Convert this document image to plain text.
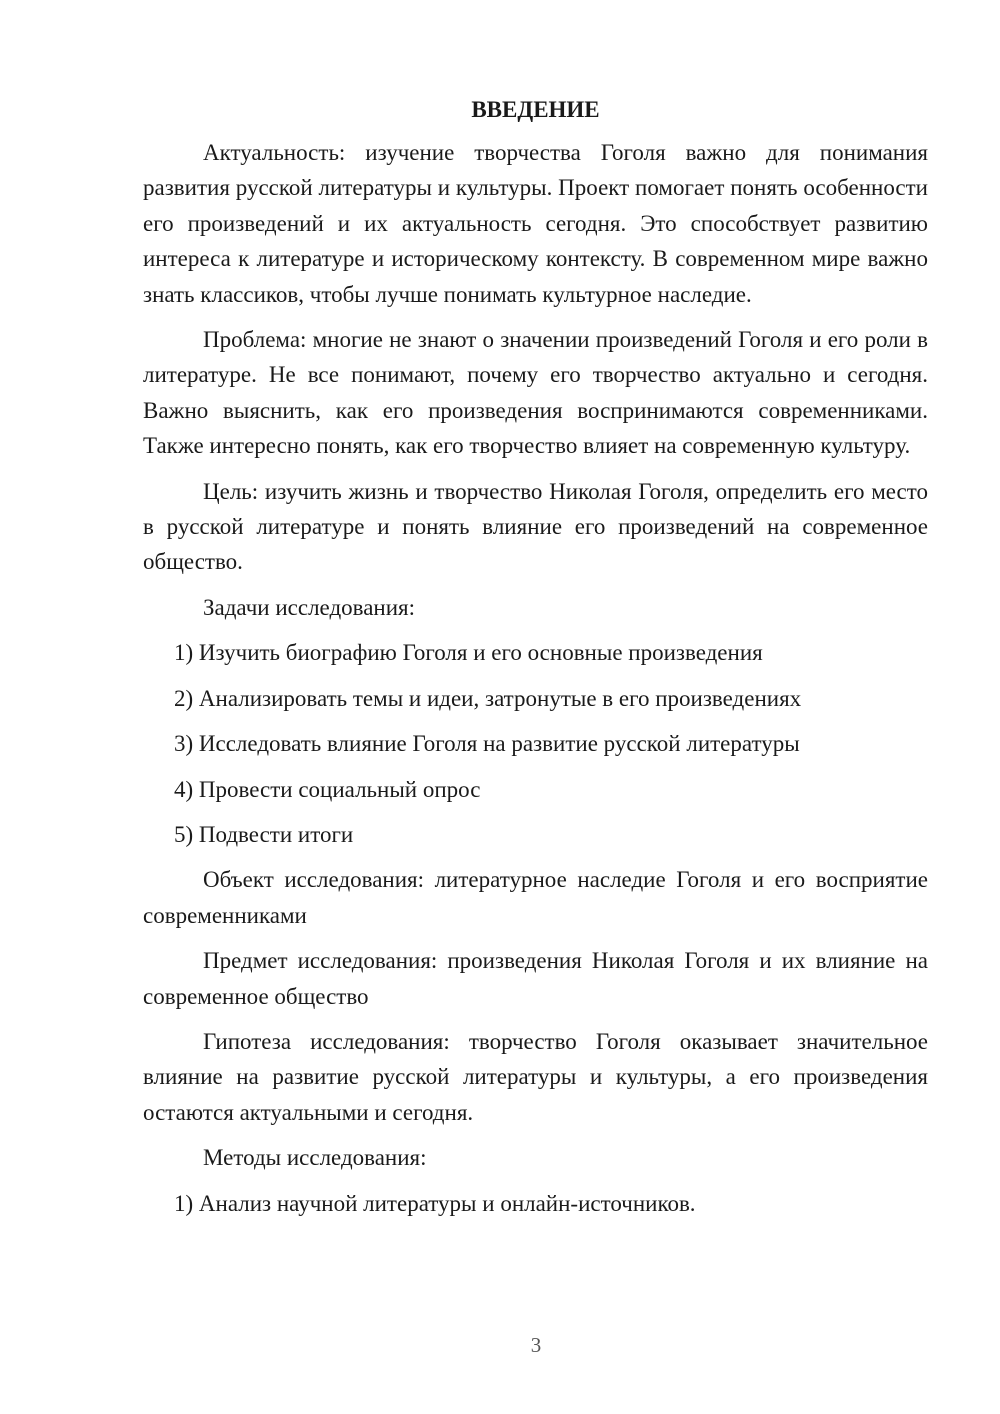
ВВЕДЕНИЕ
Актуальность: изучение творчества Гоголя важно для понимания развития русской литературы и культуры. Проект помогает понять особенности его произведений и их актуальность сегодня. Это способствует развитию интереса к литературе и историческому контексту. В современном мире важно знать классиков, чтобы лучше понимать культурное наследие.
Проблема: многие не знают о значении произведений Гоголя и его роли в литературе. Не все понимают, почему его творчество актуально и сегодня. Важно выяснить, как его произведения воспринимаются современниками. Также интересно понять, как его творчество влияет на современную культуру.
Цель: изучить жизнь и творчество Николая Гоголя, определить его место в русской литературе и понять влияние его произведений на современное общество.
Задачи исследования:
1) Изучить биографию Гоголя и его основные произведения
2) Анализировать темы и идеи, затронутые в его произведениях
3) Исследовать влияние Гоголя на развитие русской литературы
4) Провести социальный опрос
5) Подвести итоги
Объект исследования: литературное наследие Гоголя и его восприятие современниками
Предмет исследования: произведения Николая Гоголя и их влияние на современное общество
Гипотеза исследования: творчество Гоголя оказывает значительное влияние на развитие русской литературы и культуры, а его произведения остаются актуальными и сегодня.
Методы исследования:
1) Анализ научной литературы и онлайн-источников.
3
